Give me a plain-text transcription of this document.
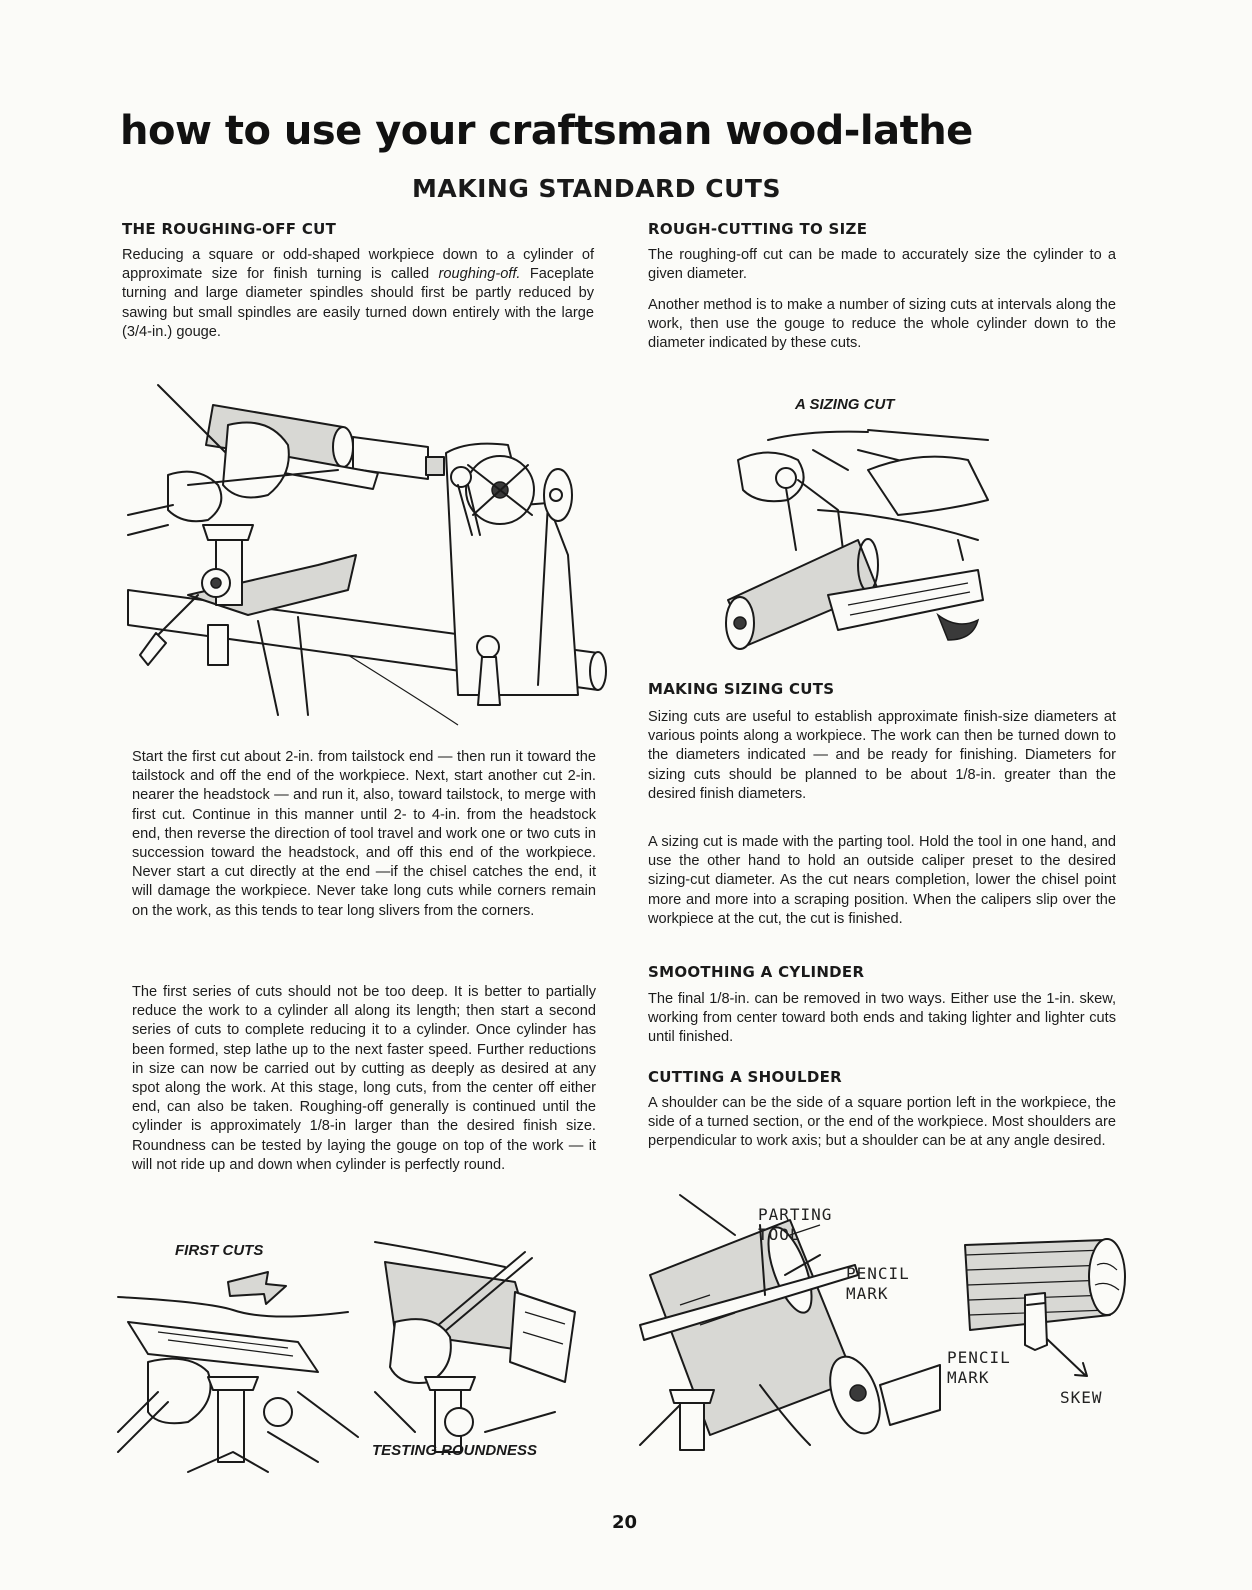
how to use your craftsman wood-lathe
MAKING STANDARD CUTS
THE ROUGHING-OFF CUT

Reducing a square or odd-shaped workpiece down to a cylinder of approximate size for finish turning is called roughing-off. Faceplate turning and large diameter spindles should first be partly reduced by sawing but small spindles are easily turned down entirely with the large (3/4-in.) gouge.

Start the first cut about 2-in. from tailstock end — then run it toward the tailstock and off the end of the workpiece. Next, start another cut 2-in. nearer the headstock — and run it, also, toward tailstock, to merge with first cut. Continue in this manner until 2- to 4-in. from the headstock end, then reverse the direction of tool travel and work one or two cuts in succession toward the headstock, and off this end of the workpiece. Never start a cut directly at the end —if the chisel catches the end, it will damage the workpiece. Never take long cuts while corners remain on the work, as this tends to tear long slivers from the corners.

The first series of cuts should not be too deep. It is better to partially reduce the work to a cylinder all along its length; then start a second series of cuts to complete reducing it to a cylinder. Once cylinder has been formed, step lathe up to the next faster speed. Further reductions in size can now be carried out by cutting as deeply as desired at any spot along the work. At this stage, long cuts, from the center off either end, can also be taken. Roughing-off generally is continued until the cylinder is approximately 1/8-in larger than the desired finish size. Roundness can be tested by laying the gouge on top of the work — it will not ride up and down when cylinder is perfectly round.

FIRST CUTS

TESTING ROUNDNESS

ROUGH-CUTTING TO SIZE

The roughing-off cut can be made to accurately size the cylinder to a given diameter.

Another method is to make a number of sizing cuts at intervals along the work, then use the gouge to reduce the whole cylinder down to the diameter indicated by these cuts.

A SIZING CUT

MAKING SIZING CUTS

Sizing cuts are useful to establish approximate finish-size diameters at various points along a workpiece. The work can then be turned down to the diameters indicated — and be ready for finishing. Diameters for sizing cuts should be planned to be about 1/8-in. greater than the desired finish diameters.

A sizing cut is made with the parting tool. Hold the tool in one hand, and use the other hand to hold an outside caliper preset to the desired sizing-cut diameter. As the cut nears completion, lower the chisel point more and more into a scraping position. When the calipers slip over the workpiece at the cut, the cut is finished.

SMOOTHING A CYLINDER

The final 1/8-in. can be removed in two ways. Either use the 1-in. skew, working from center toward both ends and taking lighter and lighter cuts until finished.

CUTTING A SHOULDER

A shoulder can be the side of a square portion left in the workpiece, the side of a turned section, or the end of the workpiece. Most shoulders are perpendicular to work axis; but a shoulder can be at any angle desired.

PARTING
TOOL

PENCIL
MARK

PENCIL
MARK

SKEW

20
